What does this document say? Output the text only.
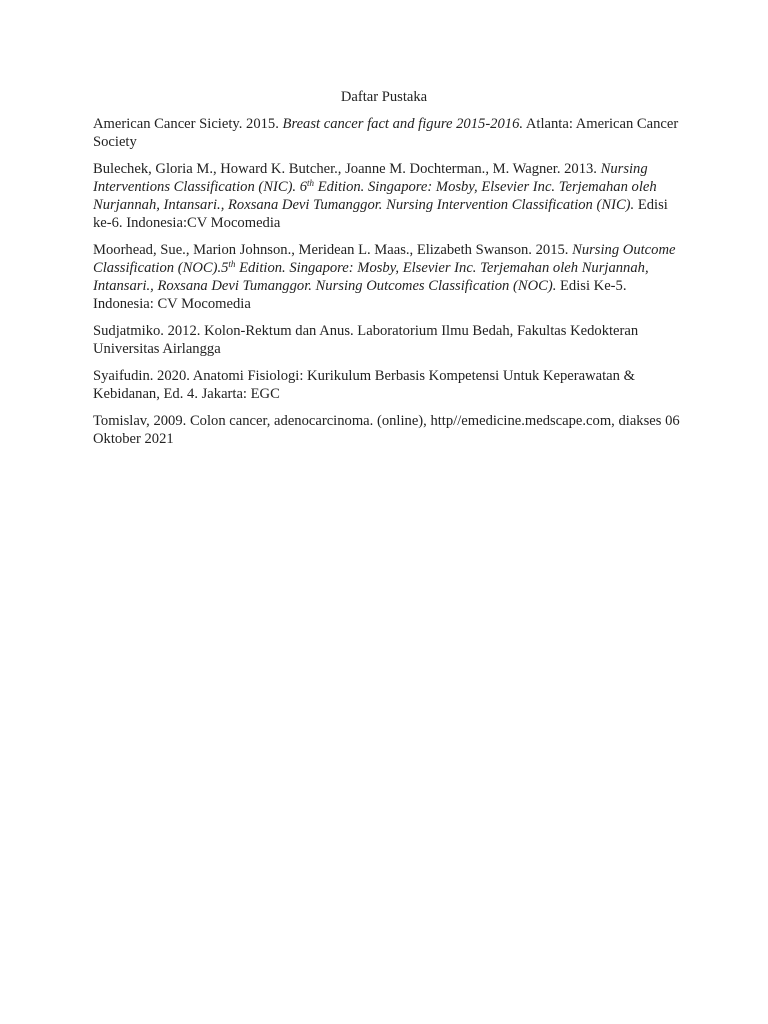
Daftar Pustaka

American Cancer Siciety. 2015. Breast cancer fact and figure 2015-2016. Atlanta: American Cancer Society

Bulechek, Gloria M., Howard K. Butcher., Joanne M. Dochterman., M. Wagner. 2013. Nursing Interventions Classification (NIC). 6th Edition. Singapore: Mosby, Elsevier Inc. Terjemahan oleh Nurjannah, Intansari., Roxsana Devi Tumanggor. Nursing Intervention Classification (NIC). Edisi ke-6. Indonesia:CV Mocomedia

Moorhead, Sue., Marion Johnson., Meridean L. Maas., Elizabeth Swanson. 2015. Nursing Outcome Classification (NOC).5th Edition. Singapore: Mosby, Elsevier Inc. Terjemahan oleh Nurjannah, Intansari., Roxsana Devi Tumanggor. Nursing Outcomes Classification (NOC). Edisi Ke-5. Indonesia: CV Mocomedia

Sudjatmiko. 2012. Kolon-Rektum dan Anus. Laboratorium Ilmu Bedah, Fakultas Kedokteran Universitas Airlangga

Syaifudin. 2020. Anatomi Fisiologi: Kurikulum Berbasis Kompetensi Untuk Keperawatan & Kebidanan, Ed. 4. Jakarta: EGC

Tomislav, 2009. Colon cancer, adenocarcinoma. (online), http//emedicine.medscape.com, diakses 06 Oktober 2021
